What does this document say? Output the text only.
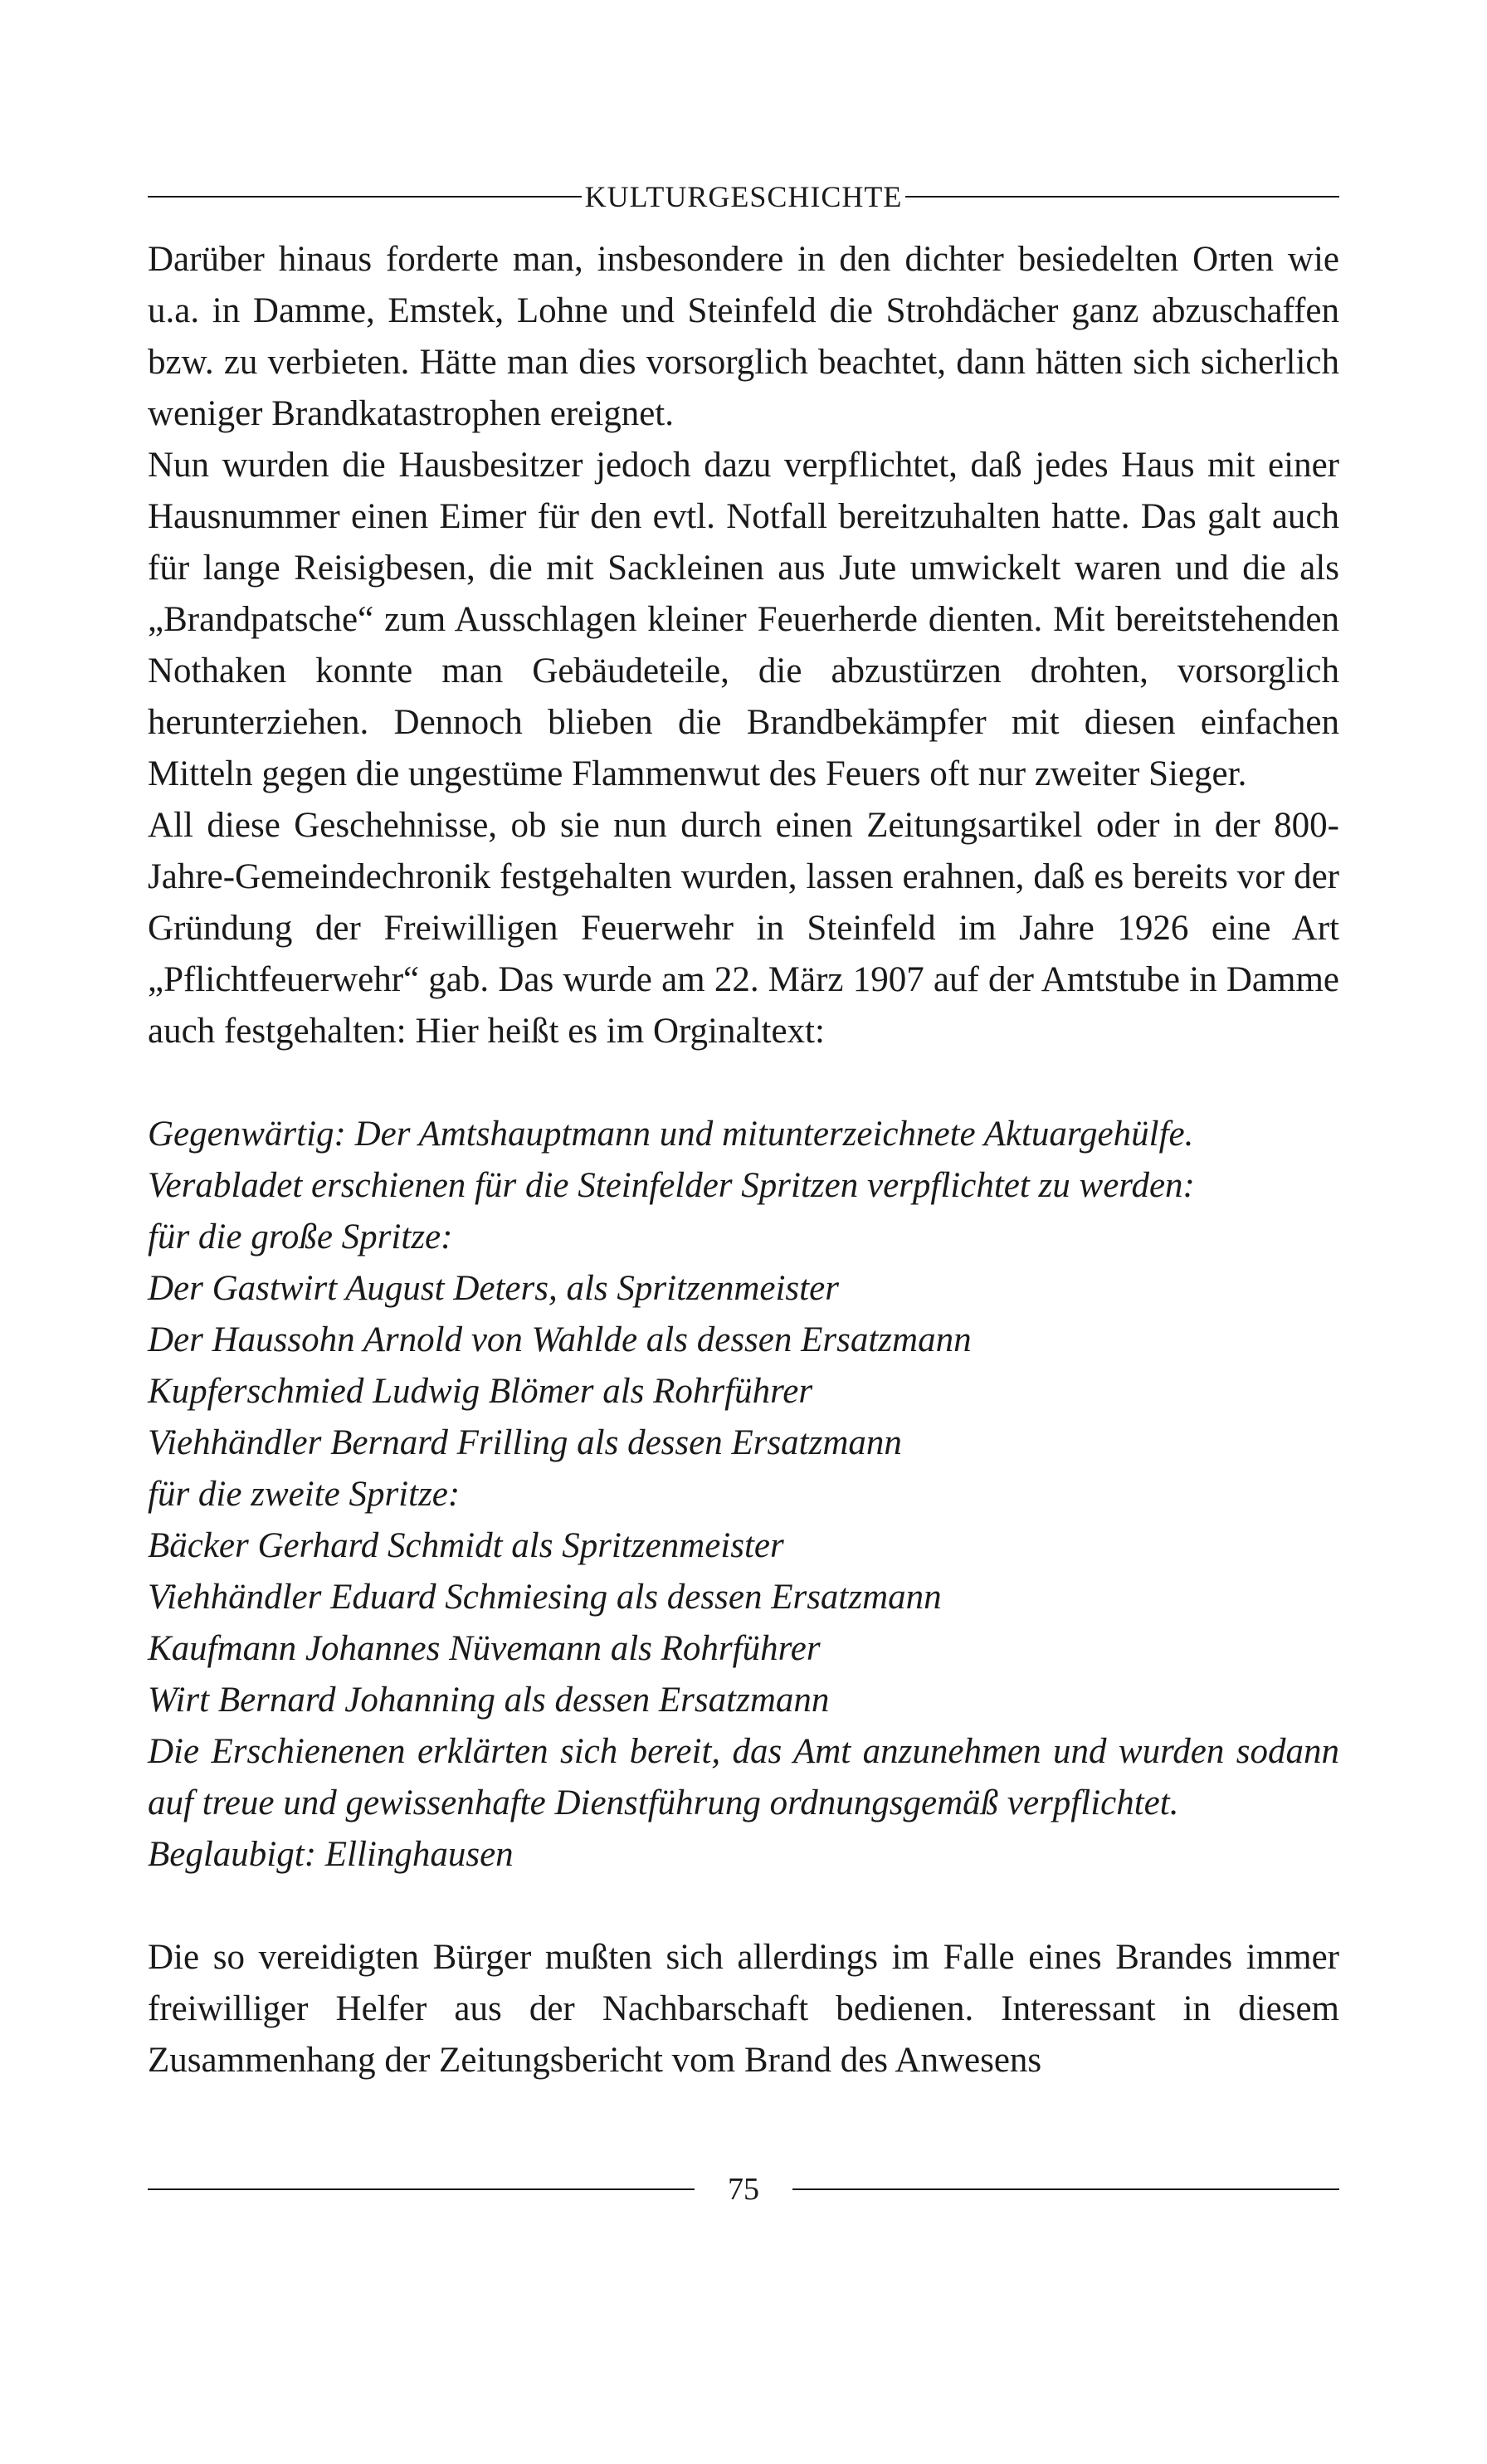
KULTURGESCHICHTE

Darüber hinaus forderte man, insbesondere in den dichter besiedelten Orten wie u.a. in Damme, Emstek, Lohne und Steinfeld die Strohdächer ganz abzuschaffen bzw. zu verbieten. Hätte man dies vorsorglich beachtet, dann hätten sich sicherlich weniger Brandkatastrophen ereignet.

Nun wurden die Hausbesitzer jedoch dazu verpflichtet, daß jedes Haus mit einer Hausnummer einen Eimer für den evtl. Notfall bereitzuhalten hatte. Das galt auch für lange Reisigbesen, die mit Sackleinen aus Jute umwickelt waren und die als „Brandpatsche“ zum Ausschlagen kleiner Feuerherde dienten. Mit bereitstehenden Nothaken konnte man Gebäudeteile, die abzustürzen drohten, vorsorglich herunterziehen. Dennoch blieben die Brandbekämpfer mit diesen einfachen Mitteln gegen die ungestüme Flammenwut des Feuers oft nur zweiter Sieger.

All diese Geschehnisse, ob sie nun durch einen Zeitungsartikel oder in der 800-Jahre-Gemeindechronik festgehalten wurden, lassen erahnen, daß es bereits vor der Gründung der Freiwilligen Feuerwehr in Steinfeld im Jahre 1926 eine Art „Pflichtfeuerwehr“ gab. Das wurde am 22. März 1907 auf der Amtstube in Damme auch festgehalten: Hier heißt es im Orginaltext:

Gegenwärtig: Der Amtshauptmann und mitunterzeichnete Aktuargehülfe.
Verabladet erschienen für die Steinfelder Spritzen verpflichtet zu werden:
für die große Spritze:
Der Gastwirt August Deters, als Spritzenmeister
Der Haussohn Arnold von Wahlde als dessen Ersatzmann
Kupferschmied Ludwig Blömer als Rohrführer
Viehhändler Bernard Frilling als dessen Ersatzmann
für die zweite Spritze:
Bäcker Gerhard Schmidt als Spritzenmeister
Viehhändler Eduard Schmiesing als dessen Ersatzmann
Kaufmann Johannes Nüvemann als Rohrführer
Wirt Bernard Johanning als dessen Ersatzmann
Die Erschienenen erklärten sich bereit, das Amt anzunehmen und wurden sodann auf treue und gewissenhafte Dienstführung ordnungsgemäß verpflichtet.
Beglaubigt: Ellinghausen

Die so vereidigten Bürger mußten sich allerdings im Falle eines Brandes immer freiwilliger Helfer aus der Nachbarschaft bedienen. Interessant in diesem Zusammenhang der Zeitungsbericht vom Brand des Anwesens

75
